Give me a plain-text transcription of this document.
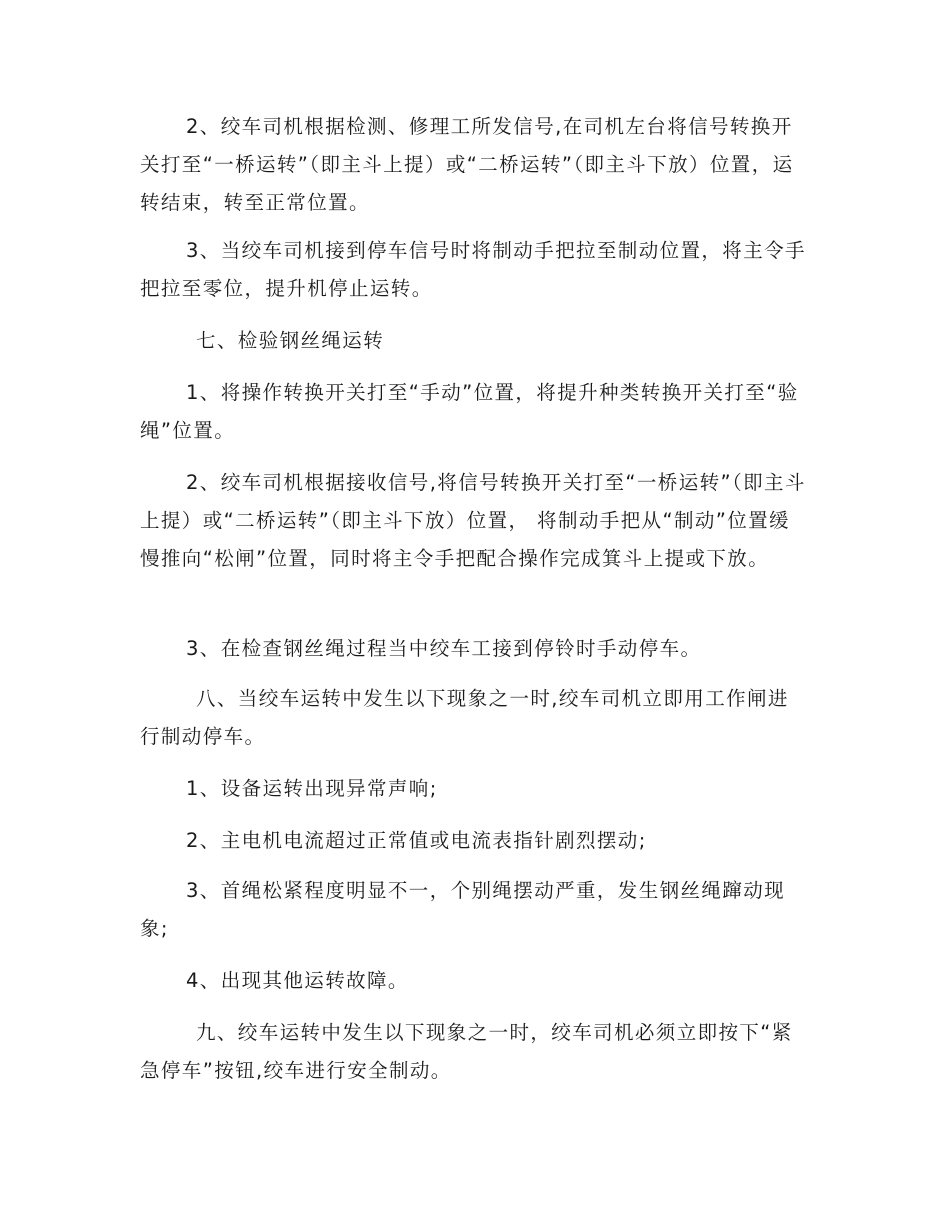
2、绞车司机根据检测、修理工所发信号,在司机左台将信号转换开关打至“一桥运转”（即主斗上提）或“二桥运转”（即主斗下放）位置，运转结束，转至正常位置。

3、当绞车司机接到停车信号时将制动手把拉至制动位置，将主令手把拉至零位，提升机停止运转。

七、检验钢丝绳运转

1、将操作转换开关打至“手动”位置，将提升种类转换开关打至“验绳”位置。

2、绞车司机根据接收信号,将信号转换开关打至“一桥运转”（即主斗上提）或“二桥运转”（即主斗下放）位置， 将制动手把从“制动”位置缓慢推向“松闸”位置，同时将主令手把配合操作完成箕斗上提或下放。

3、在检查钢丝绳过程当中绞车工接到停铃时手动停车。

八、当绞车运转中发生以下现象之一时,绞车司机立即用工作闸进行制动停车。

1、设备运转出现异常声响;

2、主电机电流超过正常值或电流表指针剧烈摆动;

3、首绳松紧程度明显不一，个别绳摆动严重，发生钢丝绳蹿动现象;

4、出现其他运转故障。

九、绞车运转中发生以下现象之一时，绞车司机必须立即按下“紧急停车”按钮,绞车进行安全制动。
